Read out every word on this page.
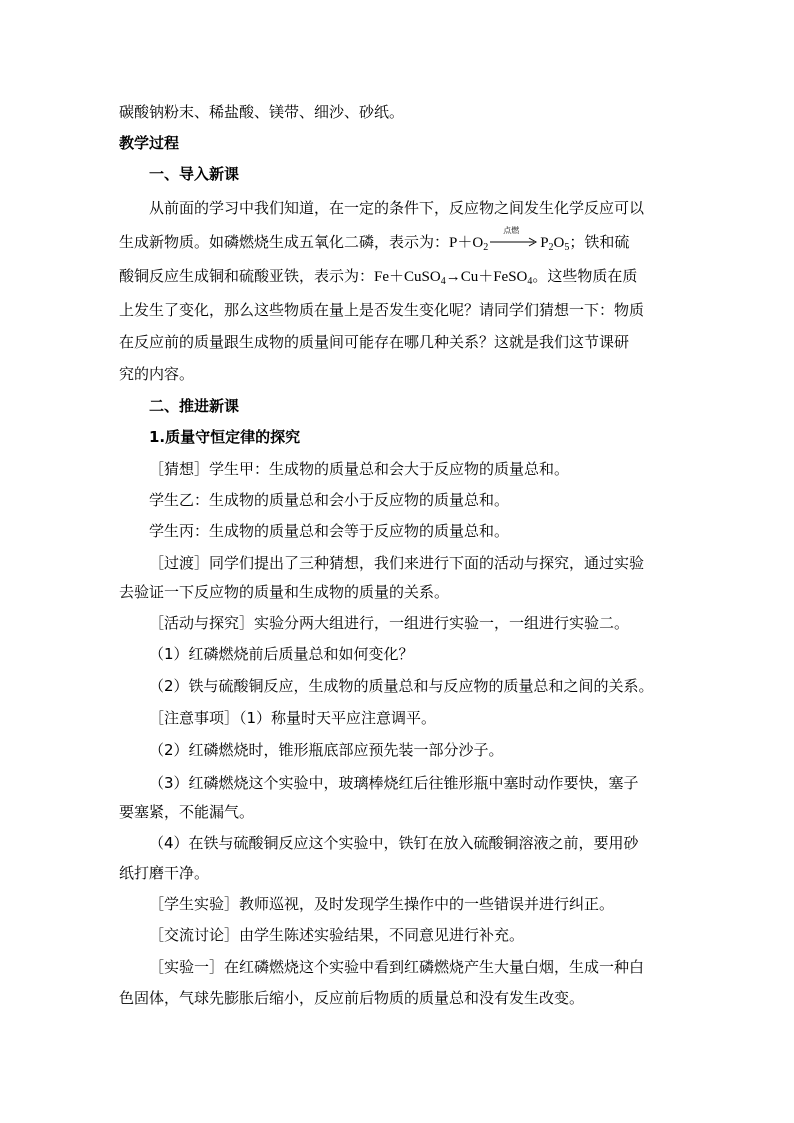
碳酸钠粉末、稀盐酸、镁带、细沙、砂纸。
教学过程
一、导入新课
从前面的学习中我们知道，在一定的条件下，反应物之间发生化学反应可以
生成新物质。如磷燃烧生成五氧化二磷，表示为：$P+O_2$
点燃
$P_2O_5$；铁和硫
酸铜反应生成铜和硫酸亚铁，表示为：Fe＋CuSO$_4$→Cu＋FeSO$_4$。这些物质在质
上发生了变化，那么这些物质在量上是否发生变化呢？请同学们猜想一下：物质
在反应前的质量跟生成物的质量间可能存在哪几种关系？这就是我们这节课研
究的内容。
二、推进新课
1.质量守恒定律的探究
［猜想］学生甲：生成物的质量总和会大于反应物的质量总和。
学生乙：生成物的质量总和会小于反应物的质量总和。
学生丙：生成物的质量总和会等于反应物的质量总和。
［过渡］同学们提出了三种猜想，我们来进行下面的活动与探究，通过实验
去验证一下反应物的质量和生成物的质量的关系。
［活动与探究］实验分两大组进行，一组进行实验一，一组进行实验二。
（1）红磷燃烧前后质量总和如何变化？
（2）铁与硫酸铜反应，生成物的质量总和与反应物的质量总和之间的关系。
［注意事项］（1）称量时天平应注意调平。
（2）红磷燃烧时，锥形瓶底部应预先装一部分沙子。
（3）红磷燃烧这个实验中，玻璃棒烧红后往锥形瓶中塞时动作要快，塞子
要塞紧，不能漏气。
（4）在铁与硫酸铜反应这个实验中，铁钉在放入硫酸铜溶液之前，要用砂
纸打磨干净。
［学生实验］教师巡视，及时发现学生操作中的一些错误并进行纠正。
［交流讨论］由学生陈述实验结果，不同意见进行补充。
［实验一］在红磷燃烧这个实验中看到红磷燃烧产生大量白烟，生成一种白
色固体，气球先膨胀后缩小，反应前后物质的质量总和没有发生改变。
